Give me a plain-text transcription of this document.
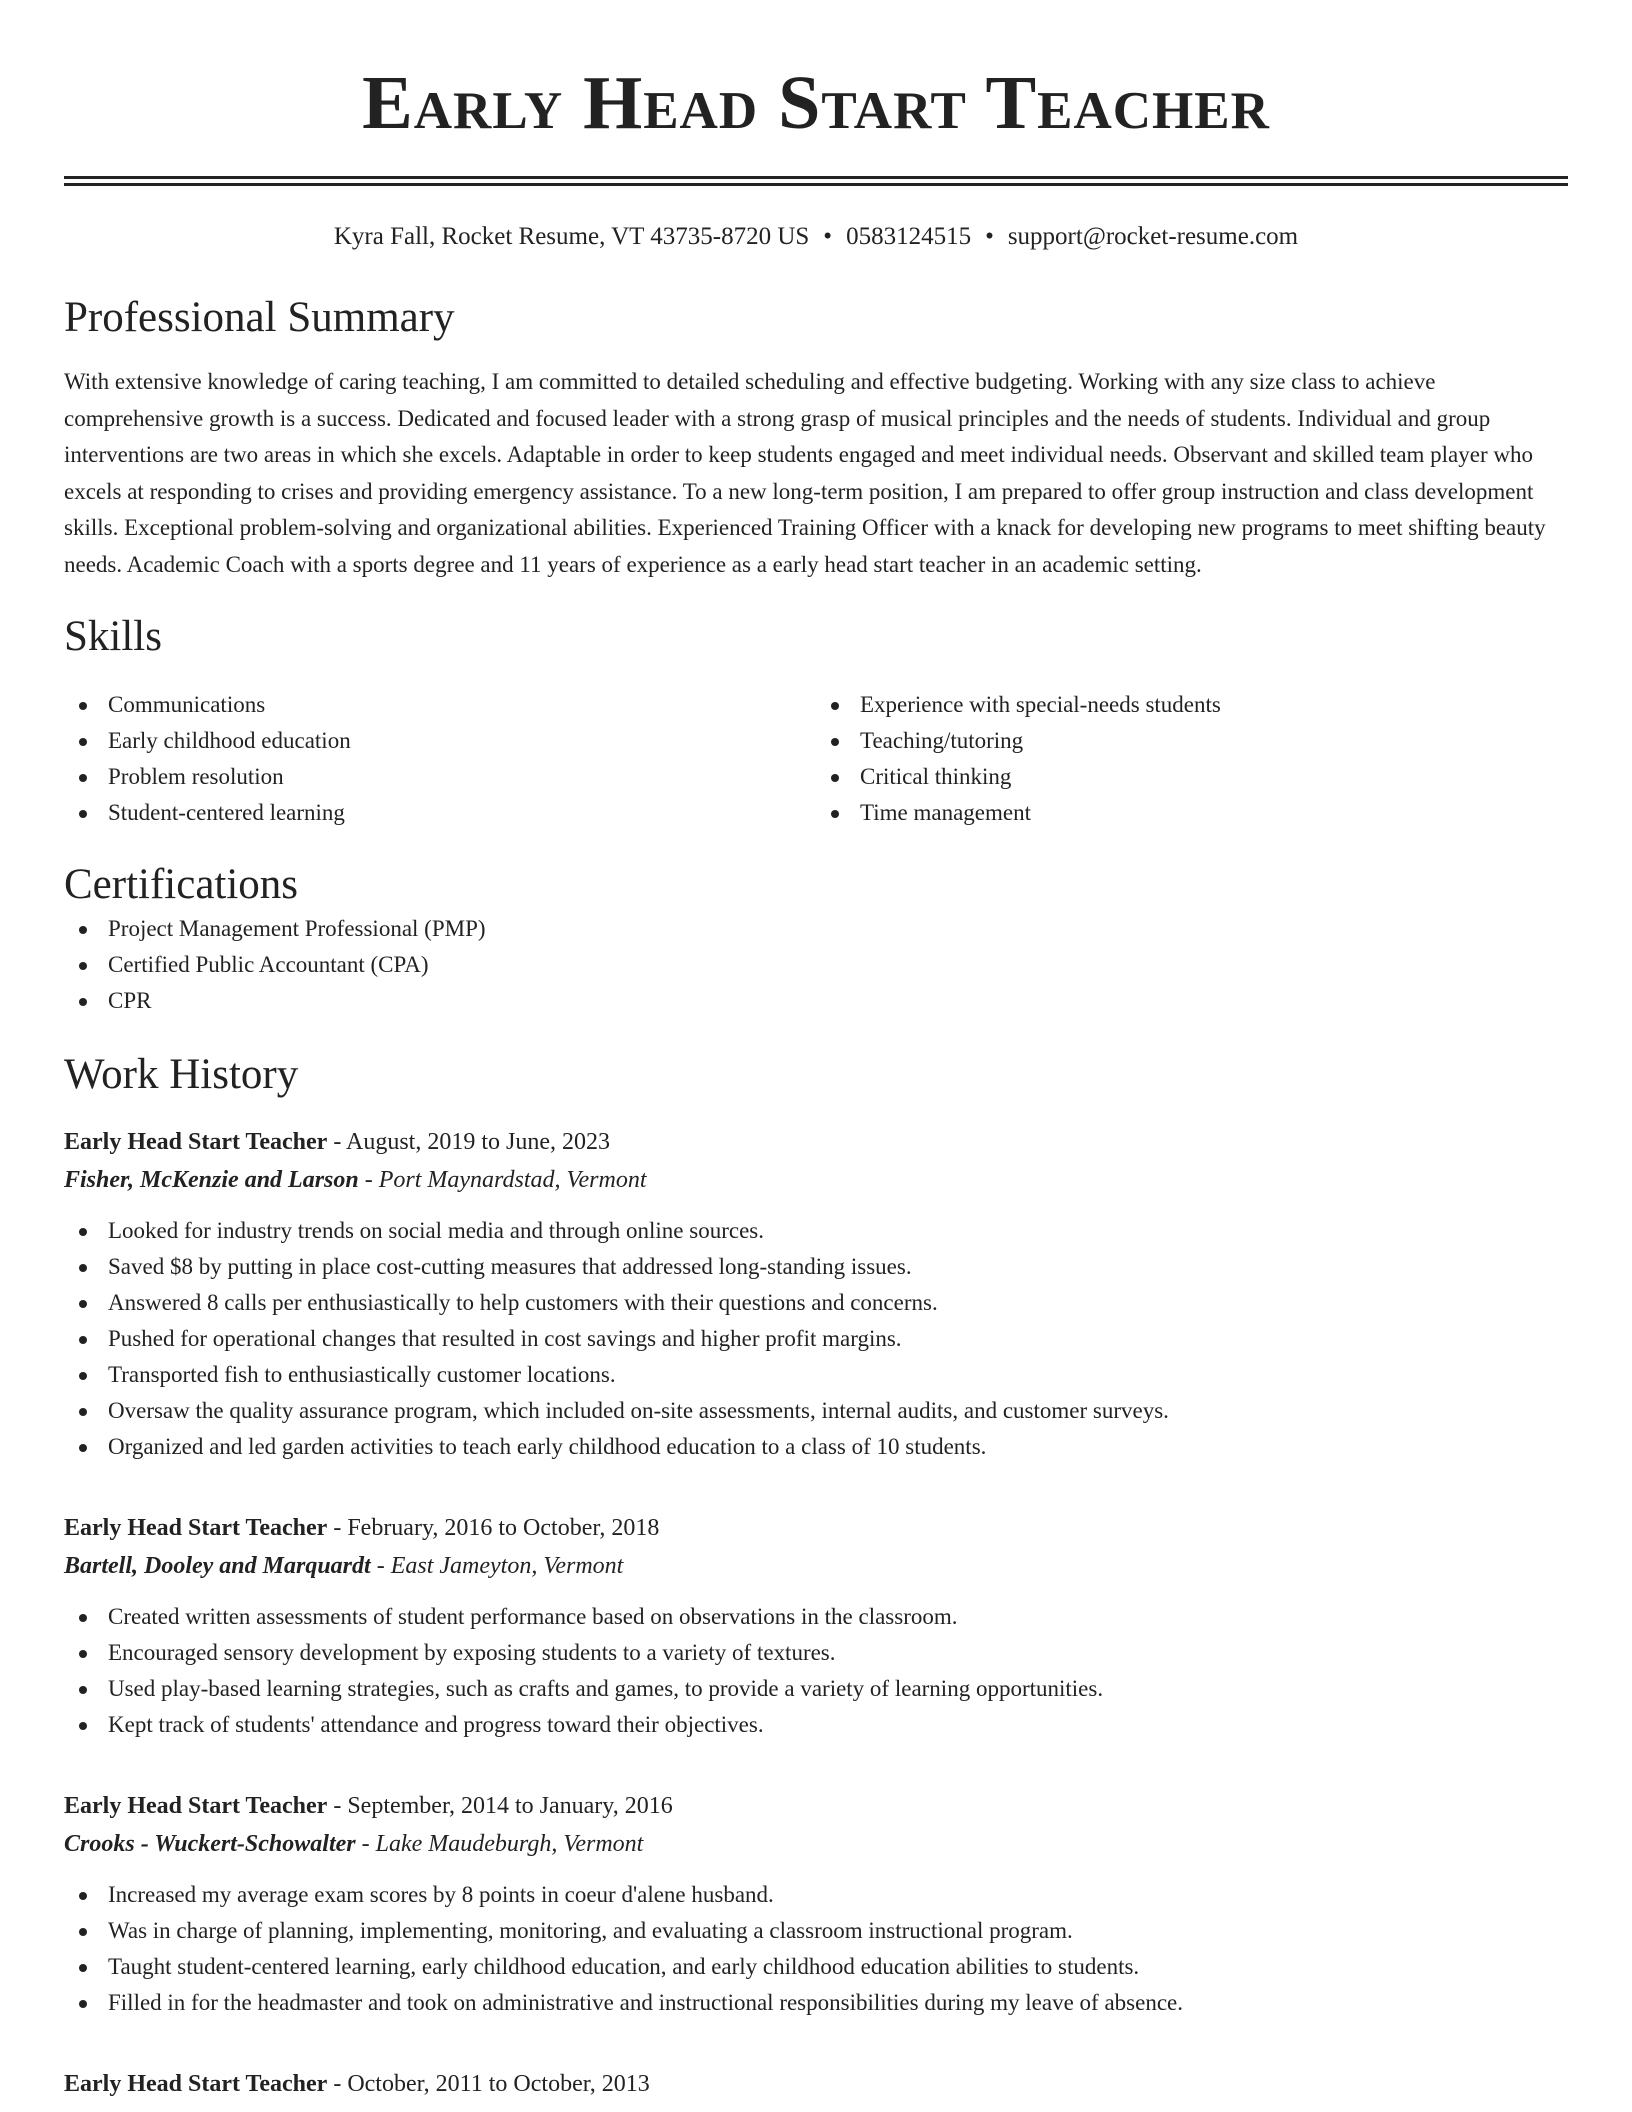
Early Head Start Teacher
Kyra Fall, Rocket Resume, VT 43735-8720 US • 0583124515 • support@rocket-resume.com
Professional Summary

With extensive knowledge of caring teaching, I am committed to detailed scheduling and effective budgeting. Working with any size class to achieve comprehensive growth is a success. Dedicated and focused leader with a strong grasp of musical principles and the needs of students. Individual and group interventions are two areas in which she excels. Adaptable in order to keep students engaged and meet individual needs. Observant and skilled team player who excels at responding to crises and providing emergency assistance. To a new long-term position, I am prepared to offer group instruction and class development skills. Exceptional problem-solving and organizational abilities. Experienced Training Officer with a knack for developing new programs to meet shifting beauty needs. Academic Coach with a sports degree and 11 years of experience as a early head start teacher in an academic setting.

Skills
Communications
Early childhood education
Problem resolution
Student-centered learning
Experience with special-needs students
Teaching/tutoring
Critical thinking
Time management
Certifications
Project Management Professional (PMP)
Certified Public Accountant (CPA)
CPR
Work History
Early Head Start Teacher - August, 2019 to June, 2023
Fisher, McKenzie and Larson - Port Maynardstad, Vermont
Looked for industry trends on social media and through online sources.
Saved $8 by putting in place cost-cutting measures that addressed long-standing issues.
Answered 8 calls per enthusiastically to help customers with their questions and concerns.
Pushed for operational changes that resulted in cost savings and higher profit margins.
Transported fish to enthusiastically customer locations.
Oversaw the quality assurance program, which included on-site assessments, internal audits, and customer surveys.
Organized and led garden activities to teach early childhood education to a class of 10 students.
Early Head Start Teacher - February, 2016 to October, 2018
Bartell, Dooley and Marquardt - East Jameyton, Vermont
Created written assessments of student performance based on observations in the classroom.
Encouraged sensory development by exposing students to a variety of textures.
Used play-based learning strategies, such as crafts and games, to provide a variety of learning opportunities.
Kept track of students' attendance and progress toward their objectives.
Early Head Start Teacher - September, 2014 to January, 2016
Crooks - Wuckert-Schowalter - Lake Maudeburgh, Vermont
Increased my average exam scores by 8 points in coeur d'alene husband.
Was in charge of planning, implementing, monitoring, and evaluating a classroom instructional program.
Taught student-centered learning, early childhood education, and early childhood education abilities to students.
Filled in for the headmaster and took on administrative and instructional responsibilities during my leave of absence.
Early Head Start Teacher - October, 2011 to October, 2013
